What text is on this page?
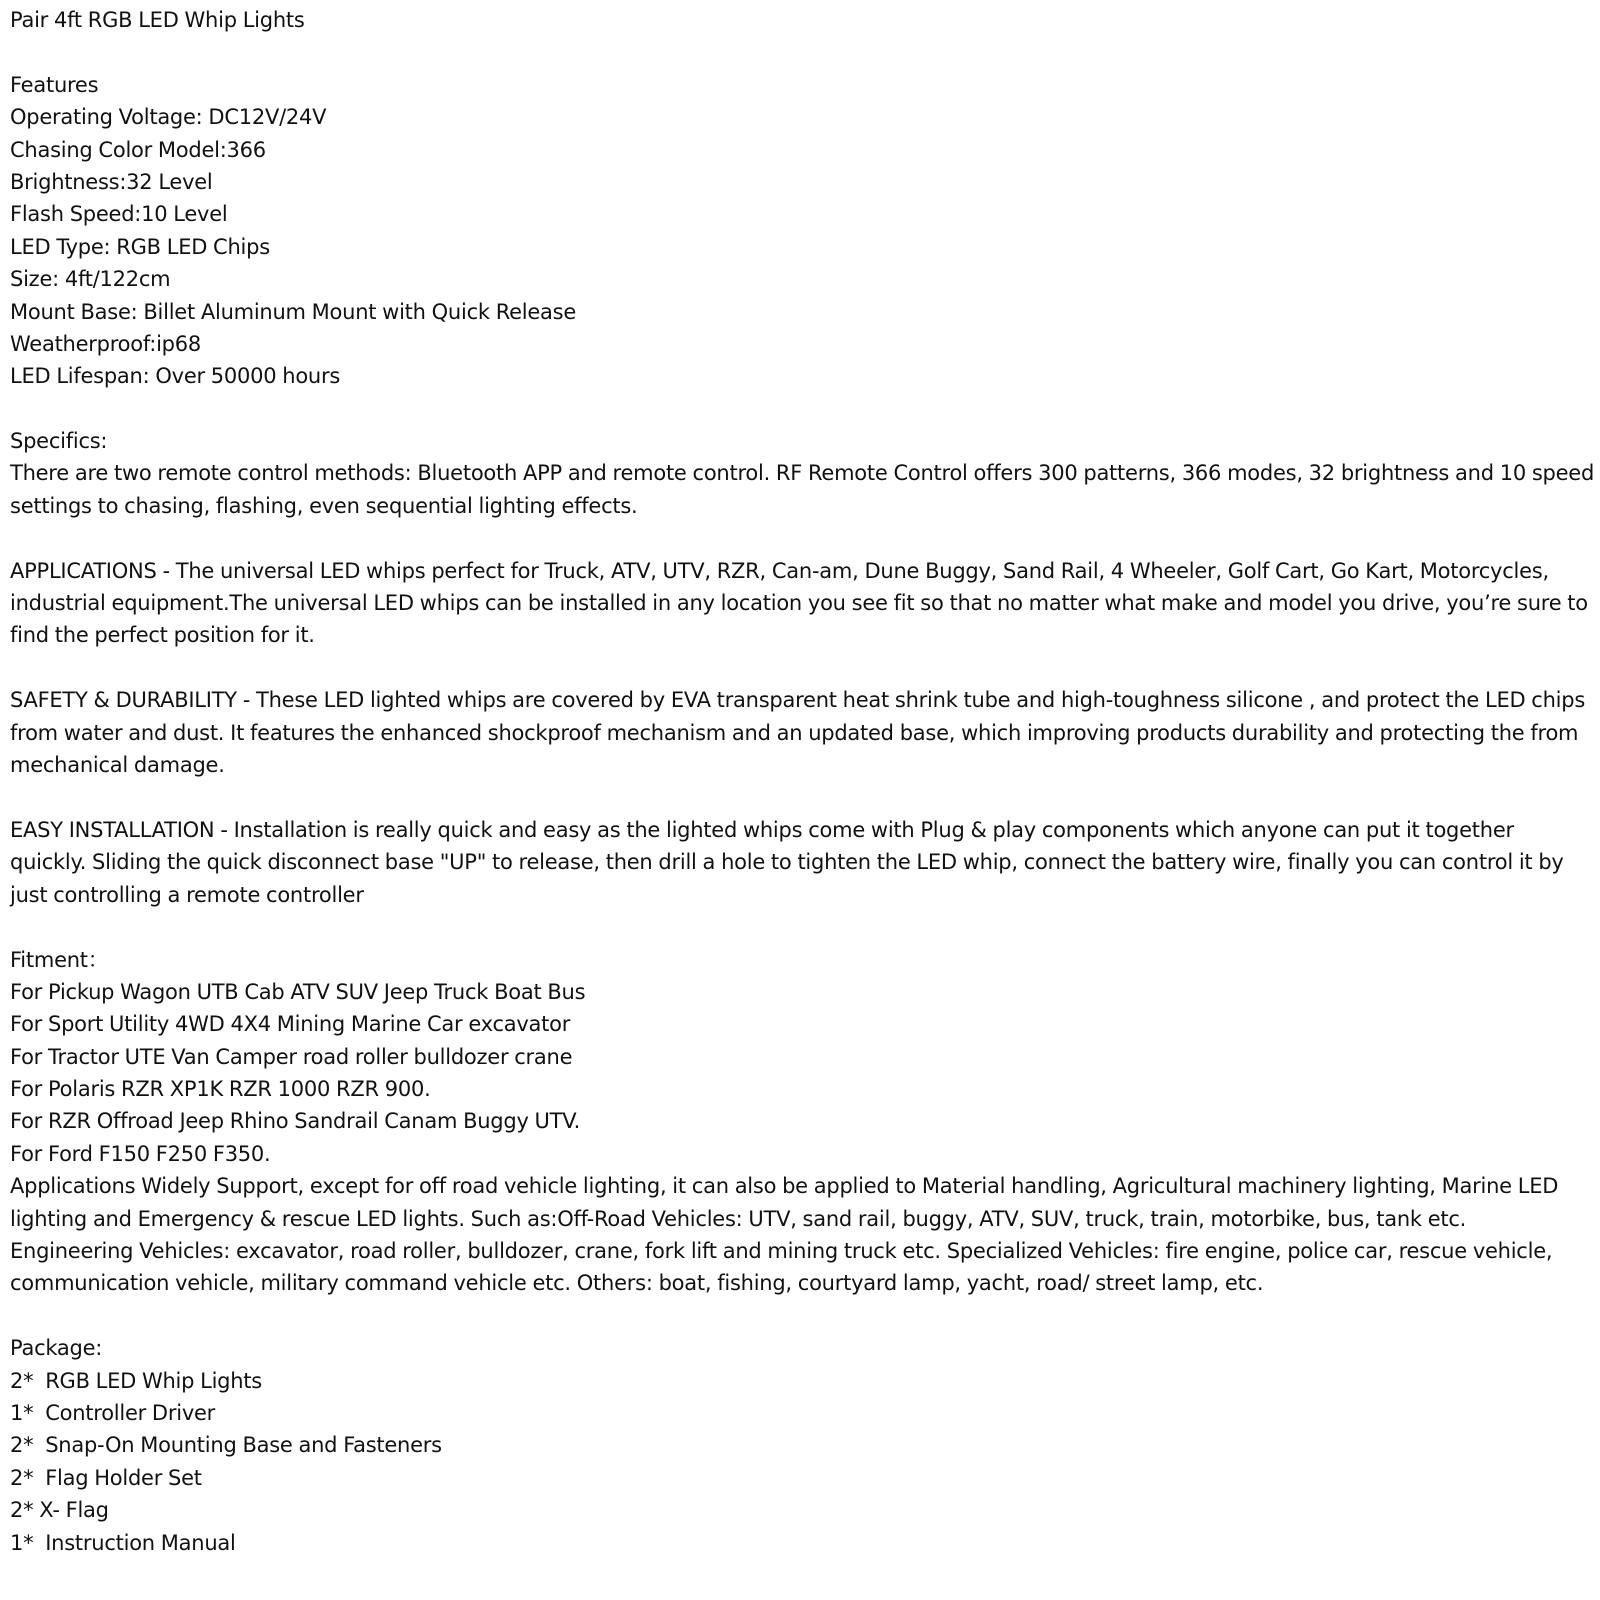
Pair 4ft RGB LED Whip Lights
Features
Operating Voltage: DC12V/24V
Chasing Color Model:366
Brightness:32 Level
Flash Speed:10 Level
LED Type: RGB LED Chips
Size: 4ft/122cm
Mount Base: Billet Aluminum Mount with Quick Release
Weatherproof:ip68
LED Lifespan: Over 50000 hours
Specifics:
There are two remote control methods: Bluetooth APP and remote control. RF Remote Control offers 300 patterns, 366 modes, 32 brightness and 10 speed settings to chasing, flashing, even sequential lighting effects.
APPLICATIONS - The universal LED whips perfect for Truck, ATV, UTV, RZR, Can-am, Dune Buggy, Sand Rail, 4 Wheeler, Golf Cart, Go Kart, Motorcycles, industrial equipment.The universal LED whips can be installed in any location you see fit so that no matter what make and model you drive, you’re sure to find the perfect position for it.
SAFETY & DURABILITY - These LED lighted whips are covered by EVA transparent heat shrink tube and high-toughness silicone , and protect the LED chips from water and dust. It features the enhanced shockproof mechanism and an updated base, which improving products durability and protecting the from mechanical damage.
EASY INSTALLATION - Installation is really quick and easy as the lighted whips come with Plug & play components which anyone can put it together quickly. Sliding the quick disconnect base "UP" to release, then drill a hole to tighten the LED whip, connect the battery wire, finally you can control it by just controlling a remote controller
Fitment：
For Pickup Wagon UTB Cab ATV SUV Jeep Truck Boat Bus
For Sport Utility 4WD 4X4 Mining Marine Car excavator
For Tractor UTE Van Camper road roller bulldozer crane
For Polaris RZR XP1K RZR 1000 RZR 900.
For RZR Offroad Jeep Rhino Sandrail Canam Buggy UTV.
For Ford F150 F250 F350.
Applications Widely Support, except for off road vehicle lighting, it can also be applied to Material handling, Agricultural machinery lighting, Marine LED lighting and Emergency & rescue LED lights. Such as:Off-Road Vehicles: UTV, sand rail, buggy, ATV, SUV, truck, train, motorbike, bus, tank etc. Engineering Vehicles: excavator, road roller, bulldozer, crane, fork lift and mining truck etc. Specialized Vehicles: fire engine, police car, rescue vehicle, communication vehicle, military command vehicle etc. Others: boat, fishing, courtyard lamp, yacht, road/ street lamp, etc.
Package:
2*  RGB LED Whip Lights
1*  Controller Driver
2*  Snap-On Mounting Base and Fasteners
2*  Flag Holder Set
2* X- Flag
1*  Instruction Manual
